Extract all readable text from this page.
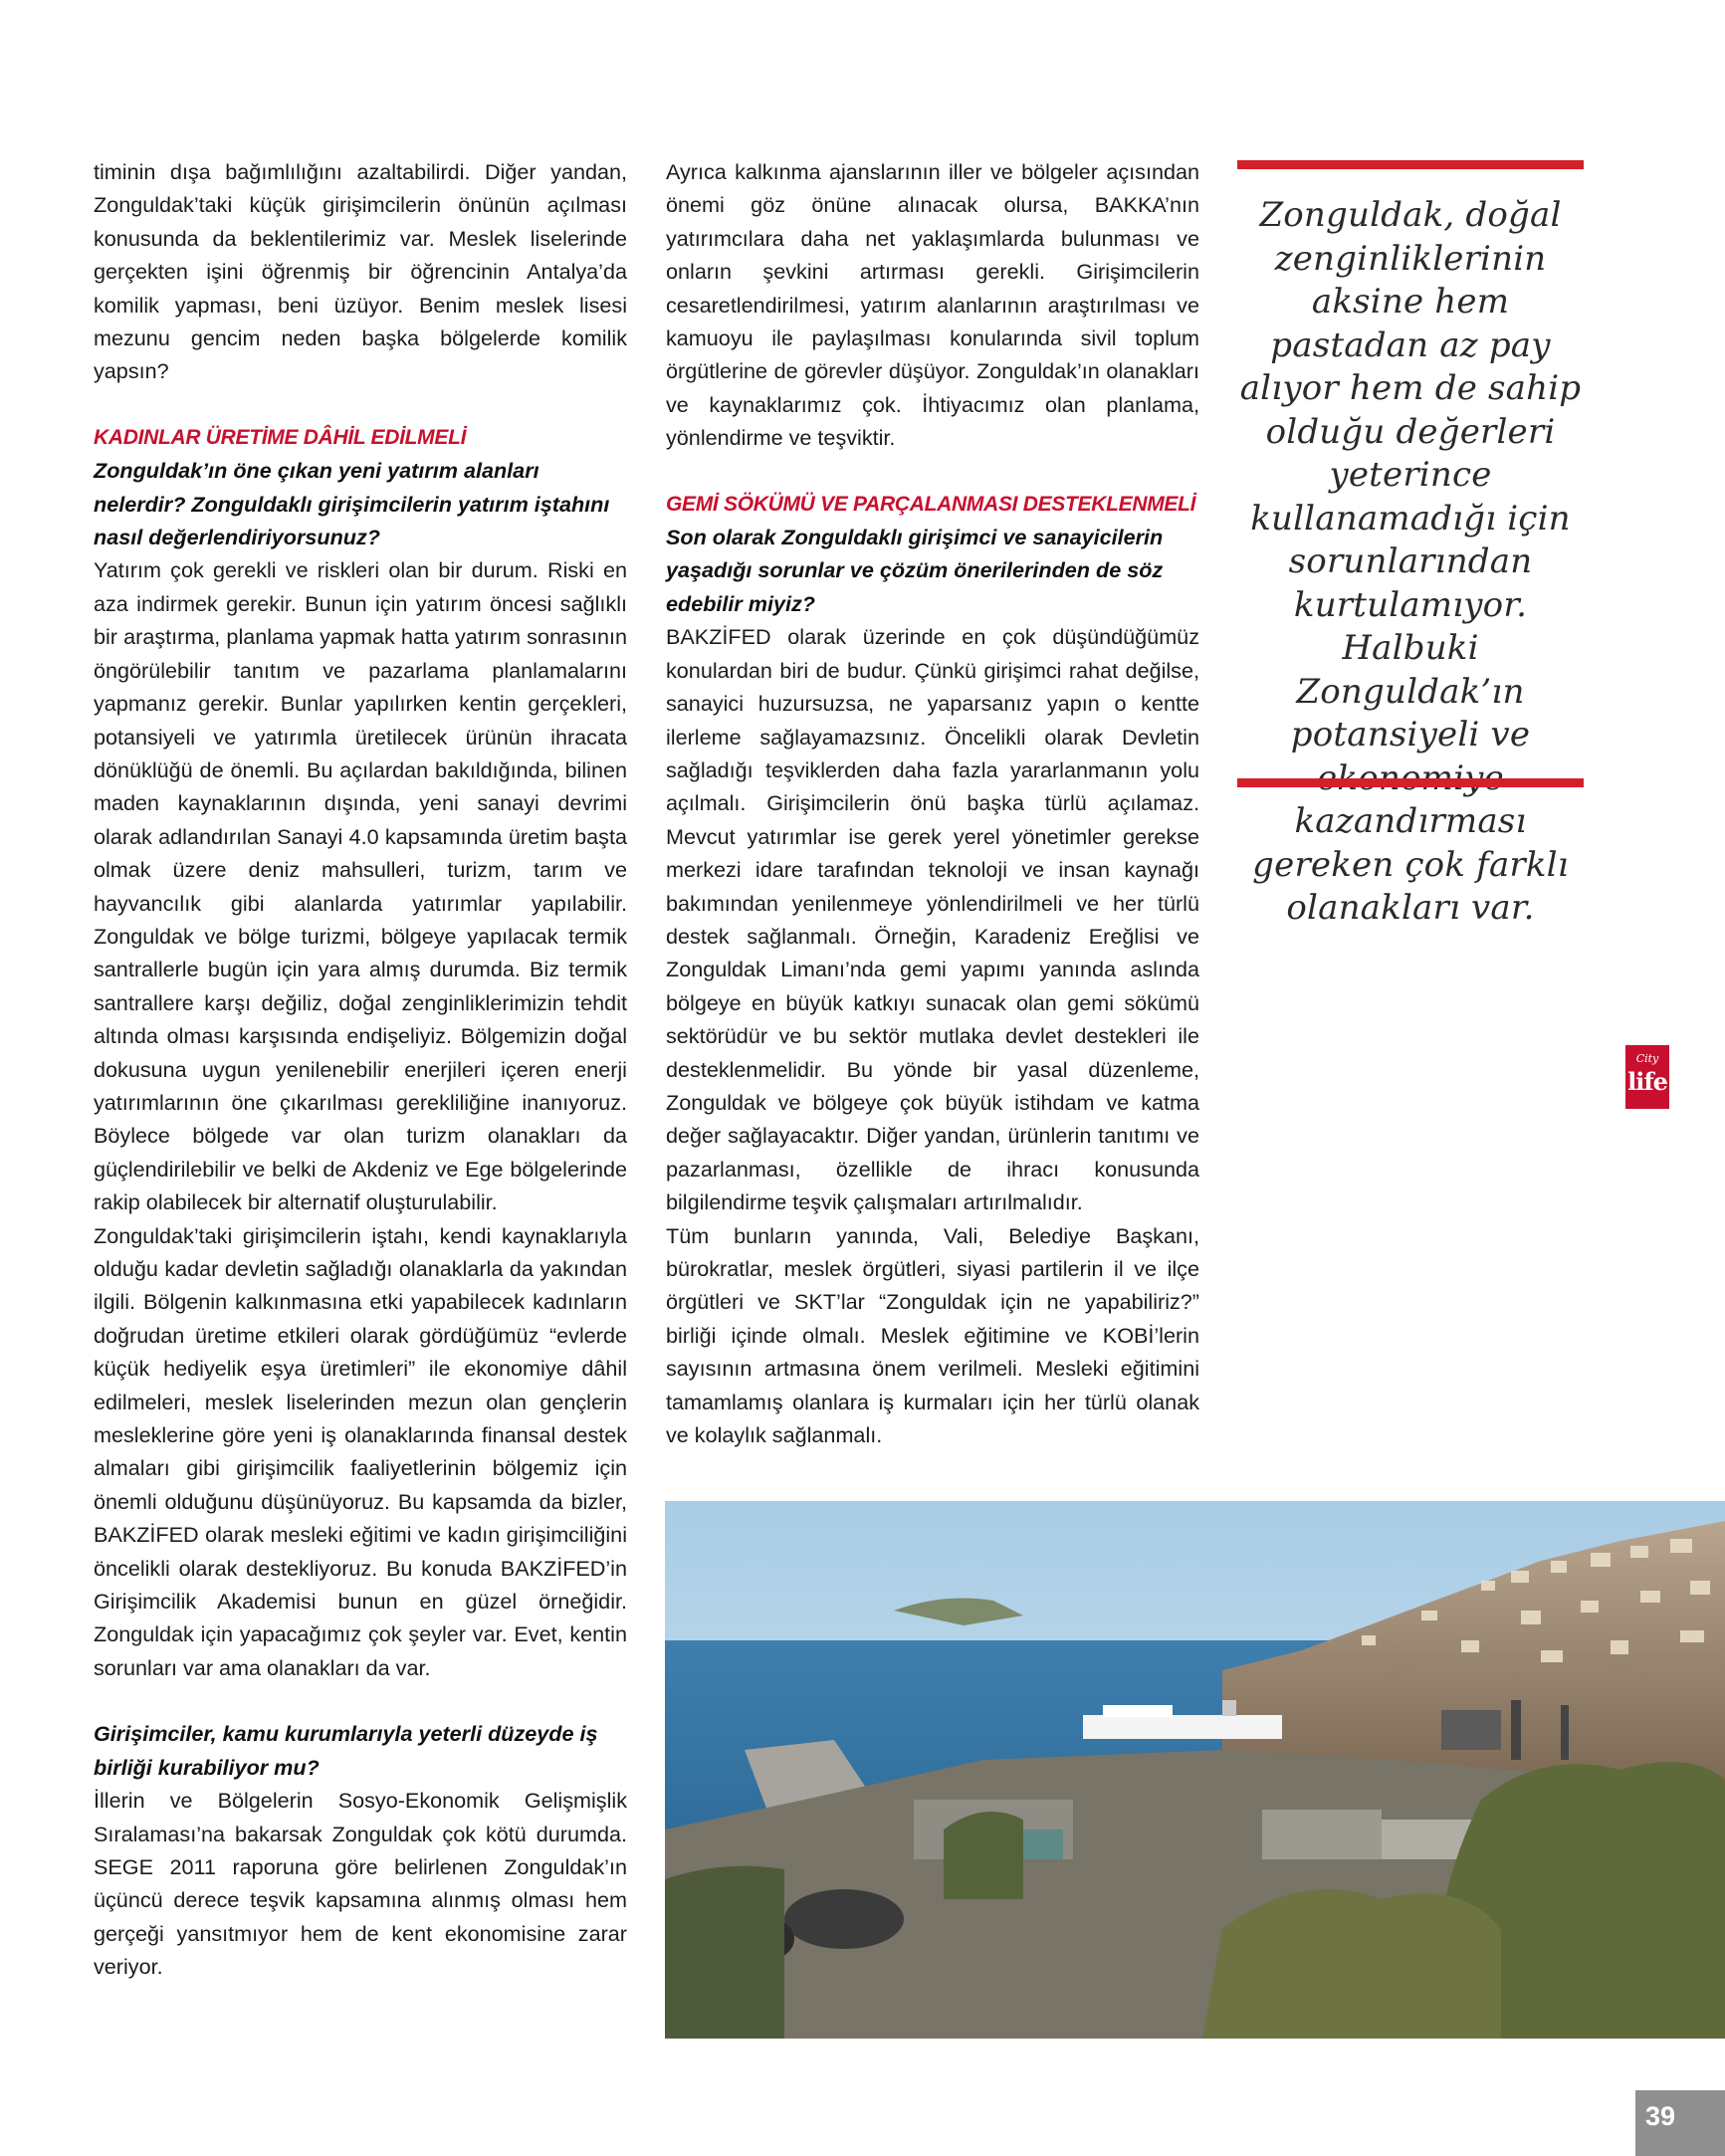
timinin dışa bağımlılığını azaltabilirdi. Diğer yandan, Zonguldak’taki küçük girişimcilerin önünün açılması konusunda da beklentilerimiz var. Meslek liselerinde gerçekten işini öğrenmiş bir öğrencinin Antalya’da komilik yapması, beni üzüyor. Benim meslek lisesi mezunu gencim neden başka bölgelerde komilik yapsın?

KADINLAR ÜRETİME DÂHİL EDİLMELİ

Zonguldak’ın öne çıkan yeni yatırım alanları nelerdir? Zonguldaklı girişimcilerin yatırım iştahını nasıl değerlendiriyorsunuz?

Yatırım çok gerekli ve riskleri olan bir durum. Riski en aza indirmek gerekir. Bunun için yatırım öncesi sağlıklı bir araştırma, planlama yapmak hatta yatırım sonrasının öngörülebilir tanıtım ve pazarlama planlamalarını yapmanız gerekir. Bunlar yapılırken kentin gerçekleri, potansiyeli ve yatırımla üretilecek ürünün ihracata dönüklüğü de önemli. Bu açılardan bakıldığında, bilinen maden kaynaklarının dışında, yeni sanayi devrimi olarak adlandırılan Sanayi 4.0 kapsamında üretim başta olmak üzere deniz mahsulleri, turizm, tarım ve hayvancılık gibi alanlarda yatırımlar yapılabilir. Zonguldak ve bölge turizmi, bölgeye yapılacak termik santrallerle bugün için yara almış durumda. Biz termik santrallere karşı değiliz, doğal zenginliklerimizin tehdit altında olması karşısında endişeliyiz. Bölgemizin doğal dokusuna uygun yenilenebilir enerjileri içeren enerji yatırımlarının öne çıkarılması gerekliliğine inanıyoruz. Böylece bölgede var olan turizm olanakları da güçlendirilebilir ve belki de Akdeniz ve Ege bölgelerinde rakip olabilecek bir alternatif oluşturulabilir.

Zonguldak’taki girişimcilerin iştahı, kendi kaynaklarıyla olduğu kadar devletin sağladığı olanaklarla da yakından ilgili. Bölgenin kalkınmasına etki yapabilecek kadınların doğrudan üretime etkileri olarak gördüğümüz “evlerde küçük hediyelik eşya üretimleri” ile ekonomiye dâhil edilmeleri, meslek liselerinden mezun olan gençlerin mesleklerine göre yeni iş olanaklarında finansal destek almaları gibi girişimcilik faaliyetlerinin bölgemiz için önemli olduğunu düşünüyoruz. Bu kapsamda da bizler, BAKZİFED olarak mesleki eğitimi ve kadın girişimciliğini öncelikli olarak destekliyoruz. Bu konuda BAKZİFED’in Girişimcilik Akademisi bunun en güzel örneğidir. Zonguldak için yapacağımız çok şeyler var. Evet, kentin sorunları var ama olanakları da var.

Girişimciler, kamu kurumlarıyla yeterli düzeyde iş birliği kurabiliyor mu?

İllerin ve Bölgelerin Sosyo-Ekonomik Gelişmişlik Sıralaması’na bakarsak Zonguldak çok kötü durumda. SEGE 2011 raporuna göre belirlenen Zonguldak’ın üçüncü derece teşvik kapsamına alınmış olması hem gerçeği yansıtmıyor hem de kent ekonomisine zarar veriyor.

Ayrıca kalkınma ajanslarının iller ve bölgeler açısından önemi göz önüne alınacak olursa, BAKKA’nın yatırımcılara daha net yaklaşımlarda bulunması ve onların şevkini artırması gerekli. Girişimcilerin cesaretlendirilmesi, yatırım alanlarının araştırılması ve kamuoyu ile paylaşılması konularında sivil toplum örgütlerine de görevler düşüyor. Zonguldak’ın olanakları ve kaynaklarımız çok. İhtiyacımız olan planlama, yönlendirme ve teşviktir.

GEMİ SÖKÜMÜ VE PARÇALANMASI DESTEKLENMELİ

Son olarak Zonguldaklı girişimci ve sanayicilerin yaşadığı sorunlar ve çözüm önerilerinden de söz edebilir miyiz?

BAKZİFED olarak üzerinde en çok düşündüğümüz konulardan biri de budur. Çünkü girişimci rahat değilse, sanayici huzursuzsa, ne yaparsanız yapın o kentte ilerleme sağlayamazsınız. Öncelikli olarak Devletin sağladığı teşviklerden daha fazla yararlanmanın yolu açılmalı. Girişimcilerin önü başka türlü açılamaz. Mevcut yatırımlar ise gerek yerel yönetimler gerekse merkezi idare tarafından teknoloji ve insan kaynağı bakımından yenilenmeye yönlendirilmeli ve her türlü destek sağlanmalı. Örneğin, Karadeniz Ereğlisi ve Zonguldak Limanı’nda gemi yapımı yanında aslında bölgeye en büyük katkıyı sunacak olan gemi sökümü sektörüdür ve bu sektör mutlaka devlet destekleri ile desteklenmelidir. Bu yönde bir yasal düzenleme, Zonguldak ve bölgeye çok büyük istihdam ve katma değer sağlayacaktır. Diğer yandan, ürünlerin tanıtımı ve pazarlanması, özellikle de ihracı konusunda bilgilendirme teşvik çalışmaları artırılmalıdır.

Tüm bunların yanında, Vali, Belediye Başkanı, bürokratlar, meslek örgütleri, siyasi partilerin il ve ilçe örgütleri ve SKT’lar “Zonguldak için ne yapabiliriz?” birliği içinde olmalı. Meslek eğitimine ve KOBİ’lerin sayısının artmasına önem verilmeli. Mesleki eğitimini tamamlamış olanlara iş kurmaları için her türlü olanak ve kolaylık sağlanmalı.

Zonguldak, doğal zenginliklerinin aksine hem pastadan az pay alıyor hem de sahip olduğu değerleri yeterince kullanamadığı için sorunlarından kurtulamıyor. Halbuki Zonguldak’ın potansiyeli ve kazandırması gereken çok farklı olanakları var.

City
life
39
